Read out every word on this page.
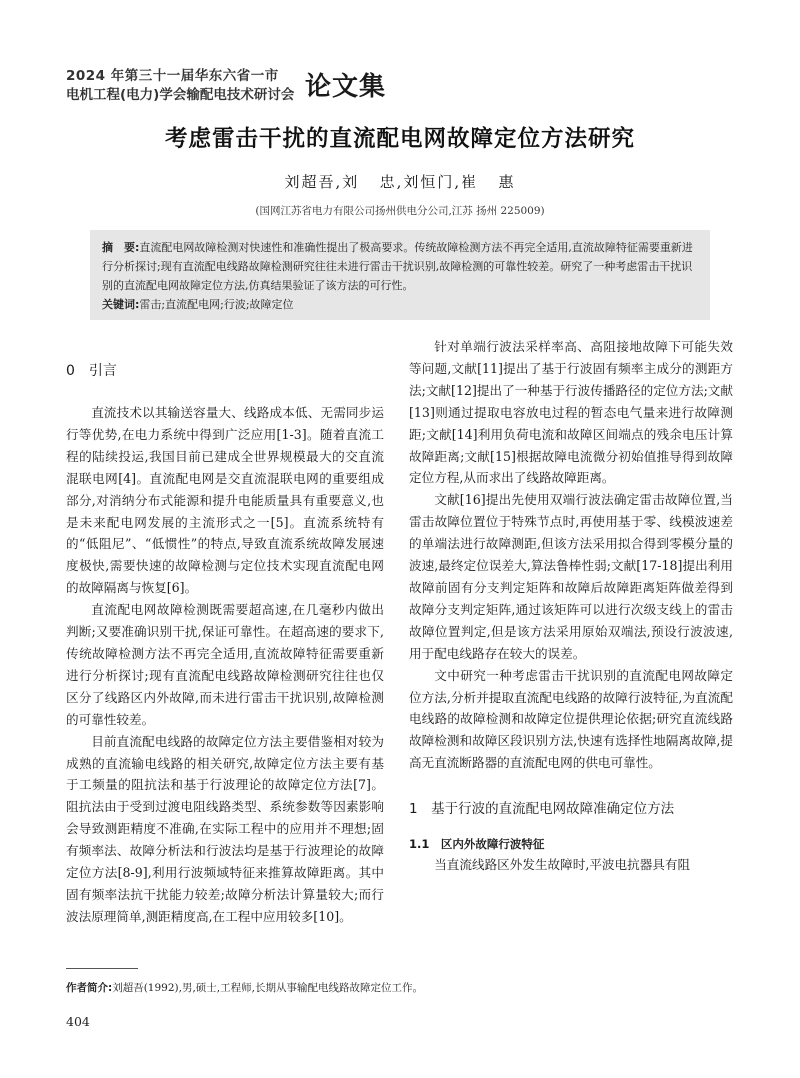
2024 年第三十一届华东六省一市
电机工程(电力)学会输配电技术研讨会 论文集
考虑雷击干扰的直流配电网故障定位方法研究
刘超吾,刘   忠,刘恒门,崔   惠
(国网江苏省电力有限公司扬州供电分公司,江苏 扬州 225009)
摘　要:直流配电网故障检测对快速性和准确性提出了极高要求。传统故障检测方法不再完全适用,直流故障特征需要重新进行分析探讨;现有直流配电线路故障检测研究往往未进行雷击干扰识别,故障检测的可靠性较差。研究了一种考虑雷击干扰识别的直流配电网故障定位方法,仿真结果验证了该方法的可行性。
关键词:雷击;直流配电网;行波;故障定位
0　引言

直流技术以其输送容量大、线路成本低、无需同步运行等优势,在电力系统中得到广泛应用[1-3]。随着直流工程的陆续投运,我国目前已建成全世界规模最大的交直流混联电网[4]。直流配电网是交直流混联电网的重要组成部分,对消纳分布式能源和提升电能质量具有重要意义,也是未来配电网发展的主流形式之一[5]。直流系统特有的“低阻尼”、“低惯性”的特点,导致直流系统故障发展速度极快,需要快速的故障检测与定位技术实现直流配电网的故障隔离与恢复[6]。

直流配电网故障检测既需要超高速,在几毫秒内做出判断;又要准确识别干扰,保证可靠性。在超高速的要求下,传统故障检测方法不再完全适用,直流故障特征需要重新进行分析探讨;现有直流配电线路故障检测研究往往也仅区分了线路区内外故障,而未进行雷击干扰识别,故障检测的可靠性较差。

目前直流配电线路的故障定位方法主要借鉴相对较为成熟的直流输电线路的相关研究,故障定位方法主要有基于工频量的阻抗法和基于行波理论的故障定位方法[7]。阻抗法由于受到过渡电阻线路类型、系统参数等因素影响会导致测距精度不准确,在实际工程中的应用并不理想;固有频率法、故障分析法和行波法均是基于行波理论的故障定位方法[8-9],利用行波频域特征来推算故障距离。其中固有频率法抗干扰能力较差;故障分析法计算量较大;而行波法原理简单,测距精度高,在工程中应用较多[10]。

针对单端行波法采样率高、高阻接地故障下可能失效等问题,文献[11]提出了基于行波固有频率主成分的测距方法;文献[12]提出了一种基于行波传播路径的定位方法;文献[13]则通过提取电容放电过程的暂态电气量来进行故障测距;文献[14]利用负荷电流和故障区间端点的残余电压计算故障距离;文献[15]根据故障电流微分初始值推导得到故障定位方程,从而求出了线路故障距离。

文献[16]提出先使用双端行波法确定雷击故障位置,当雷击故障位置位于特殊节点时,再使用基于零、线模波速差的单端法进行故障测距,但该方法采用拟合得到零模分量的波速,最终定位误差大,算法鲁棒性弱;文献[17-18]提出利用故障前固有分支判定矩阵和故障后故障距离矩阵做差得到故障分支判定矩阵,通过该矩阵可以进行次级支线上的雷击故障位置判定,但是该方法采用原始双端法,预设行波波速,用于配电线路存在较大的误差。

文中研究一种考虑雷击干扰识别的直流配电网故障定位方法,分析并提取直流配电线路的故障行波特征,为直流配电线路的故障检测和故障定位提供理论依据;研究直流线路故障检测和故障区段识别方法,快速有选择性地隔离故障,提高无直流断路器的直流配电网的供电可靠性。

1　基于行波的直流配电网故障准确定位方法
1.1　区内外故障行波特征

当直流线路区外发生故障时,平波电抗器具有阻

作者简介:刘超吾(1992),男,硕士,工程师,长期从事输配电线路故障定位工作。
404
